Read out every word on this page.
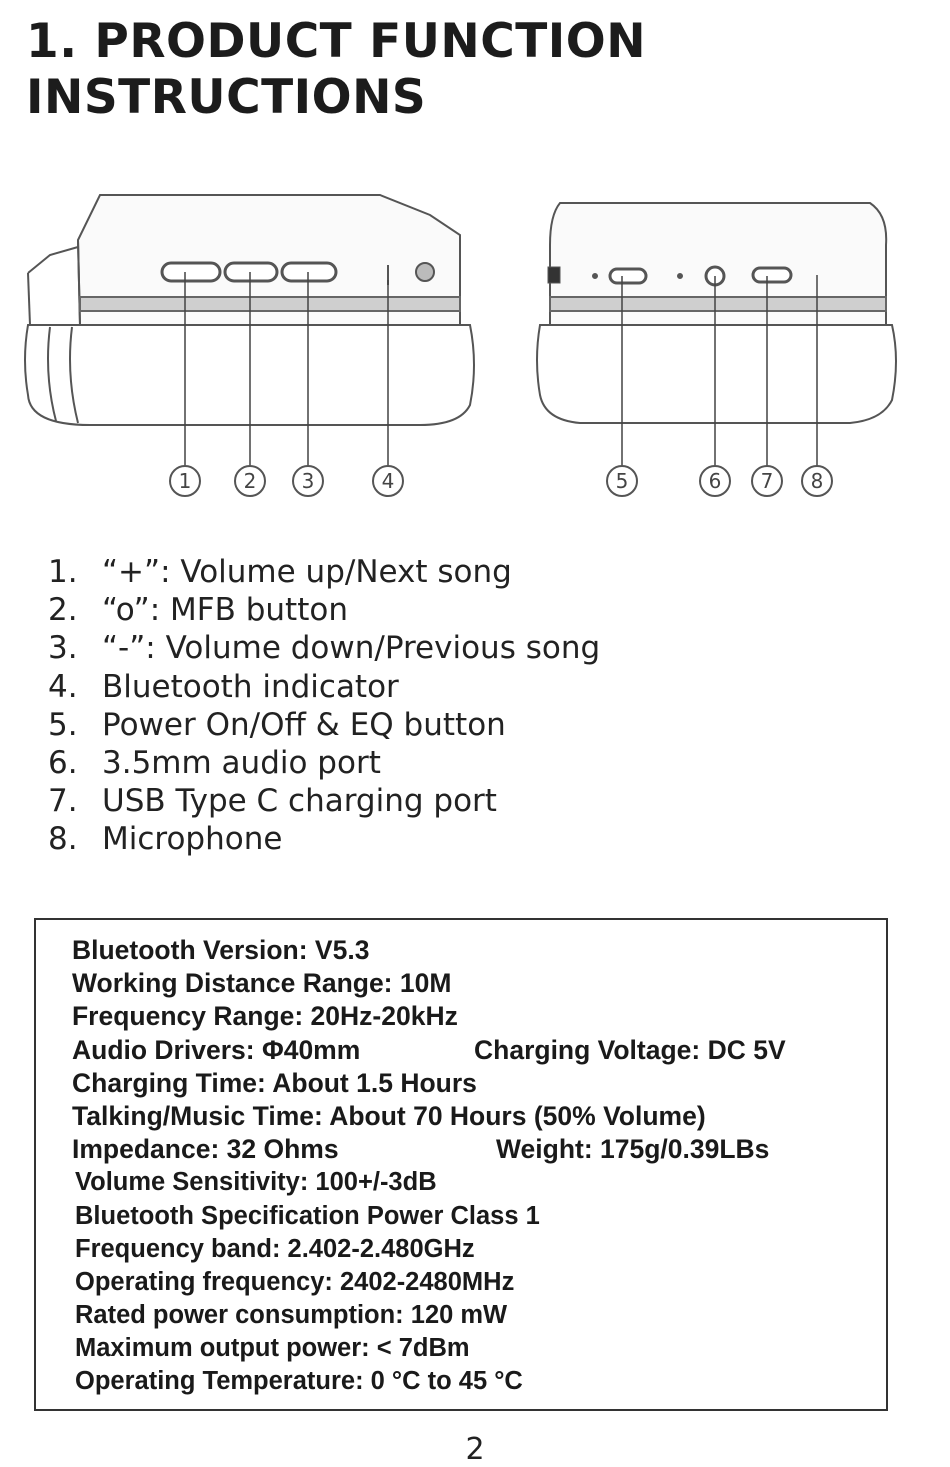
1. PRODUCT FUNCTION
INSTRUCTIONS
1	2 3	4	5	6 7 8
1. “+”: Volume up/Next song
2. “o”: MFB button
3. “-”: Volume down/Previous song
4. Bluetooth indicator
5. Power On/Off & EQ button
6. 3.5mm audio port
7. USB Type C charging port
8. Microphone
Bluetooth Version: V5.3
Working Distance Range: 10M
Frequency Range: 20Hz-20kHz
Audio Drivers: Φ40mm	Charging Voltage: DC 5V
Charging Time: About 1.5 Hours
Talking/Music Time: About 70 Hours (50% Volume)
Impedance: 32 Ohms	Weight: 175g/0.39LBs
Volume Sensitivity: 100+/-3dB
Bluetooth Specification Power Class 1
Frequency band: 2.402-2.480GHz
Operating frequency: 2402-2480MHz
Rated power consumption: 120 mW
Maximum output power: < 7dBm
Operating Temperature: 0 °C to 45 °C
2
